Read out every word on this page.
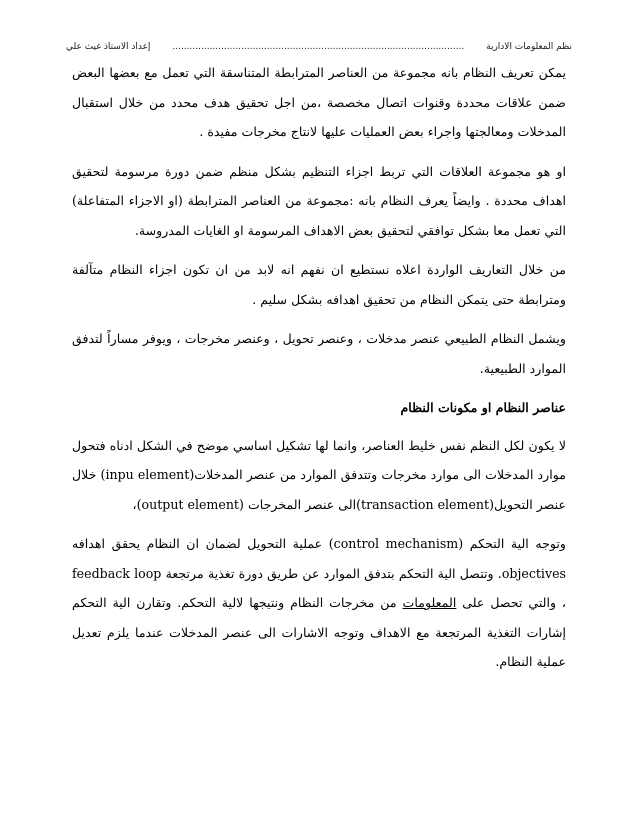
نظم المعلومات الادارية
......................................................................................................
إعداد الاستاذ غيث علي

يمكن تعريف النظام بانه مجموعة من العناصر المترابطة المتناسقة التي تعمل مع بعضها البعض ضمن علاقات محددة وقنوات اتصال مخصصة ،من اجل تحقيق هدف محدد من خلال استقبال المدخلات ومعالجتها واجراء بعض العمليات عليها لانتاج مخرجات مفيدة .

او هو مجموعة العلاقات التي تربط اجزاء التنظيم بشكل منظم ضمن دورة مرسومة لتحقيق اهداف محددة . وايضاً يعرف النظام بانه :مجموعة من العناصر المترابطة (او الاجزاء المتفاعلة) التي تعمل معا بشكل توافقي لتحقيق بعض الاهداف المرسومة او الغايات المدروسة.

من خلال التعاريف الواردة اعلاه نستطيع ان نفهم انه لابد من ان تكون اجزاء النظام متآلفة ومترابطة حتى يتمكن النظام من تحقيق اهدافه بشكل سليم .

ويشمل النظام الطبيعي عنصر مدخلات ، وعنصر تحويل ، وعنصر مخرجات ، ويوفر مساراً لتدفق الموارد الطبيعية.

عناصر النظام او مكونات النظام

لا يكون لكل النظم نفس خليط العناصر، وانما لها تشكيل اساسي موضح في الشكل ادناه فتحول موارد المدخلات الى موارد مخرجات وتتدفق الموارد من عنصر المدخلات(inpu element) خلال عنصر التحويل(transaction element)الى عنصر المخرجات (output element)،

وتوجه الية التحكم (control mechanism) عملية التحويل لضمان ان النظام يحقق اهدافه objectives. وتتصل الية التحكم بتدفق الموارد عن طريق دورة تغذية مرتجعة feedback loop ، والتي تحصل على المعلومات من مخرجات النظام ونتيجها لالية التحكم. وتقارن الية التحكم إشارات التغذية المرتجعة مع الاهداف وتوجه الاشارات الى عنصر المدخلات عندما يلزم تعديل عملية النظام.
